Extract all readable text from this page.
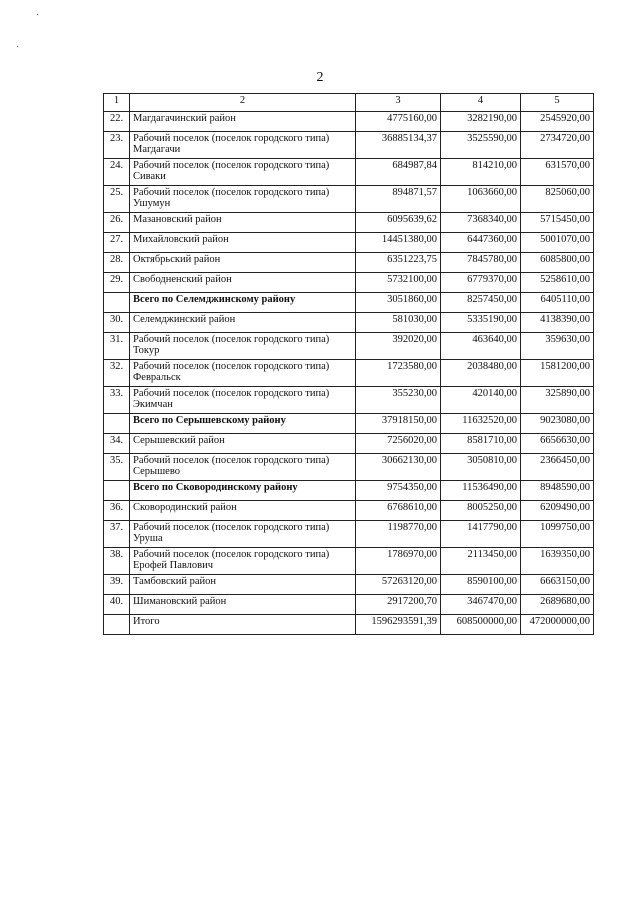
·
·
2
1	2	3	4	5
22.	Магдагачинский район	4775160,00	3282190,00	2545920,00
23.	Рабочий поселок (поселок городского типа) Магдагачи	36885134,37	3525590,00	2734720,00
24.	Рабочий поселок (поселок городского типа) Сиваки	684987,84	814210,00	631570,00
25.	Рабочий поселок (поселок городского типа) Ушумун	894871,57	1063660,00	825060,00
26.	Мазановский район	6095639,62	7368340,00	5715450,00
27.	Михайловский район	14451380,00	6447360,00	5001070,00
28.	Октябрьский район	6351223,75	7845780,00	6085800,00
29.	Свободненский район	5732100,00	6779370,00	5258610,00
	Всего по Селемджинскому району	3051860,00	8257450,00	6405110,00
30.	Селемджинский район	581030,00	5335190,00	4138390,00
31.	Рабочий поселок (поселок городского типа) Токур	392020,00	463640,00	359630,00
32.	Рабочий поселок (поселок городского типа) Февральск	1723580,00	2038480,00	1581200,00
33.	Рабочий поселок (поселок городского типа) Экимчан	355230,00	420140,00	325890,00
	Всего по Серышевскому району	37918150,00	11632520,00	9023080,00
34.	Серышевский район	7256020,00	8581710,00	6656630,00
35.	Рабочий поселок (поселок городского типа) Серышево	30662130,00	3050810,00	2366450,00
	Всего по Сковородинскому району	9754350,00	11536490,00	8948590,00
36.	Сковородинский район	6768610,00	8005250,00	6209490,00
37.	Рабочий поселок (поселок городского типа) Уруша	1198770,00	1417790,00	1099750,00
38.	Рабочий поселок (поселок городского типа) Ерофей Павлович	1786970,00	2113450,00	1639350,00
39.	Тамбовский район	57263120,00	8590100,00	6663150,00
40.	Шимановский район	2917200,70	3467470,00	2689680,00
	Итого	1596293591,39	608500000,00	472000000,00
